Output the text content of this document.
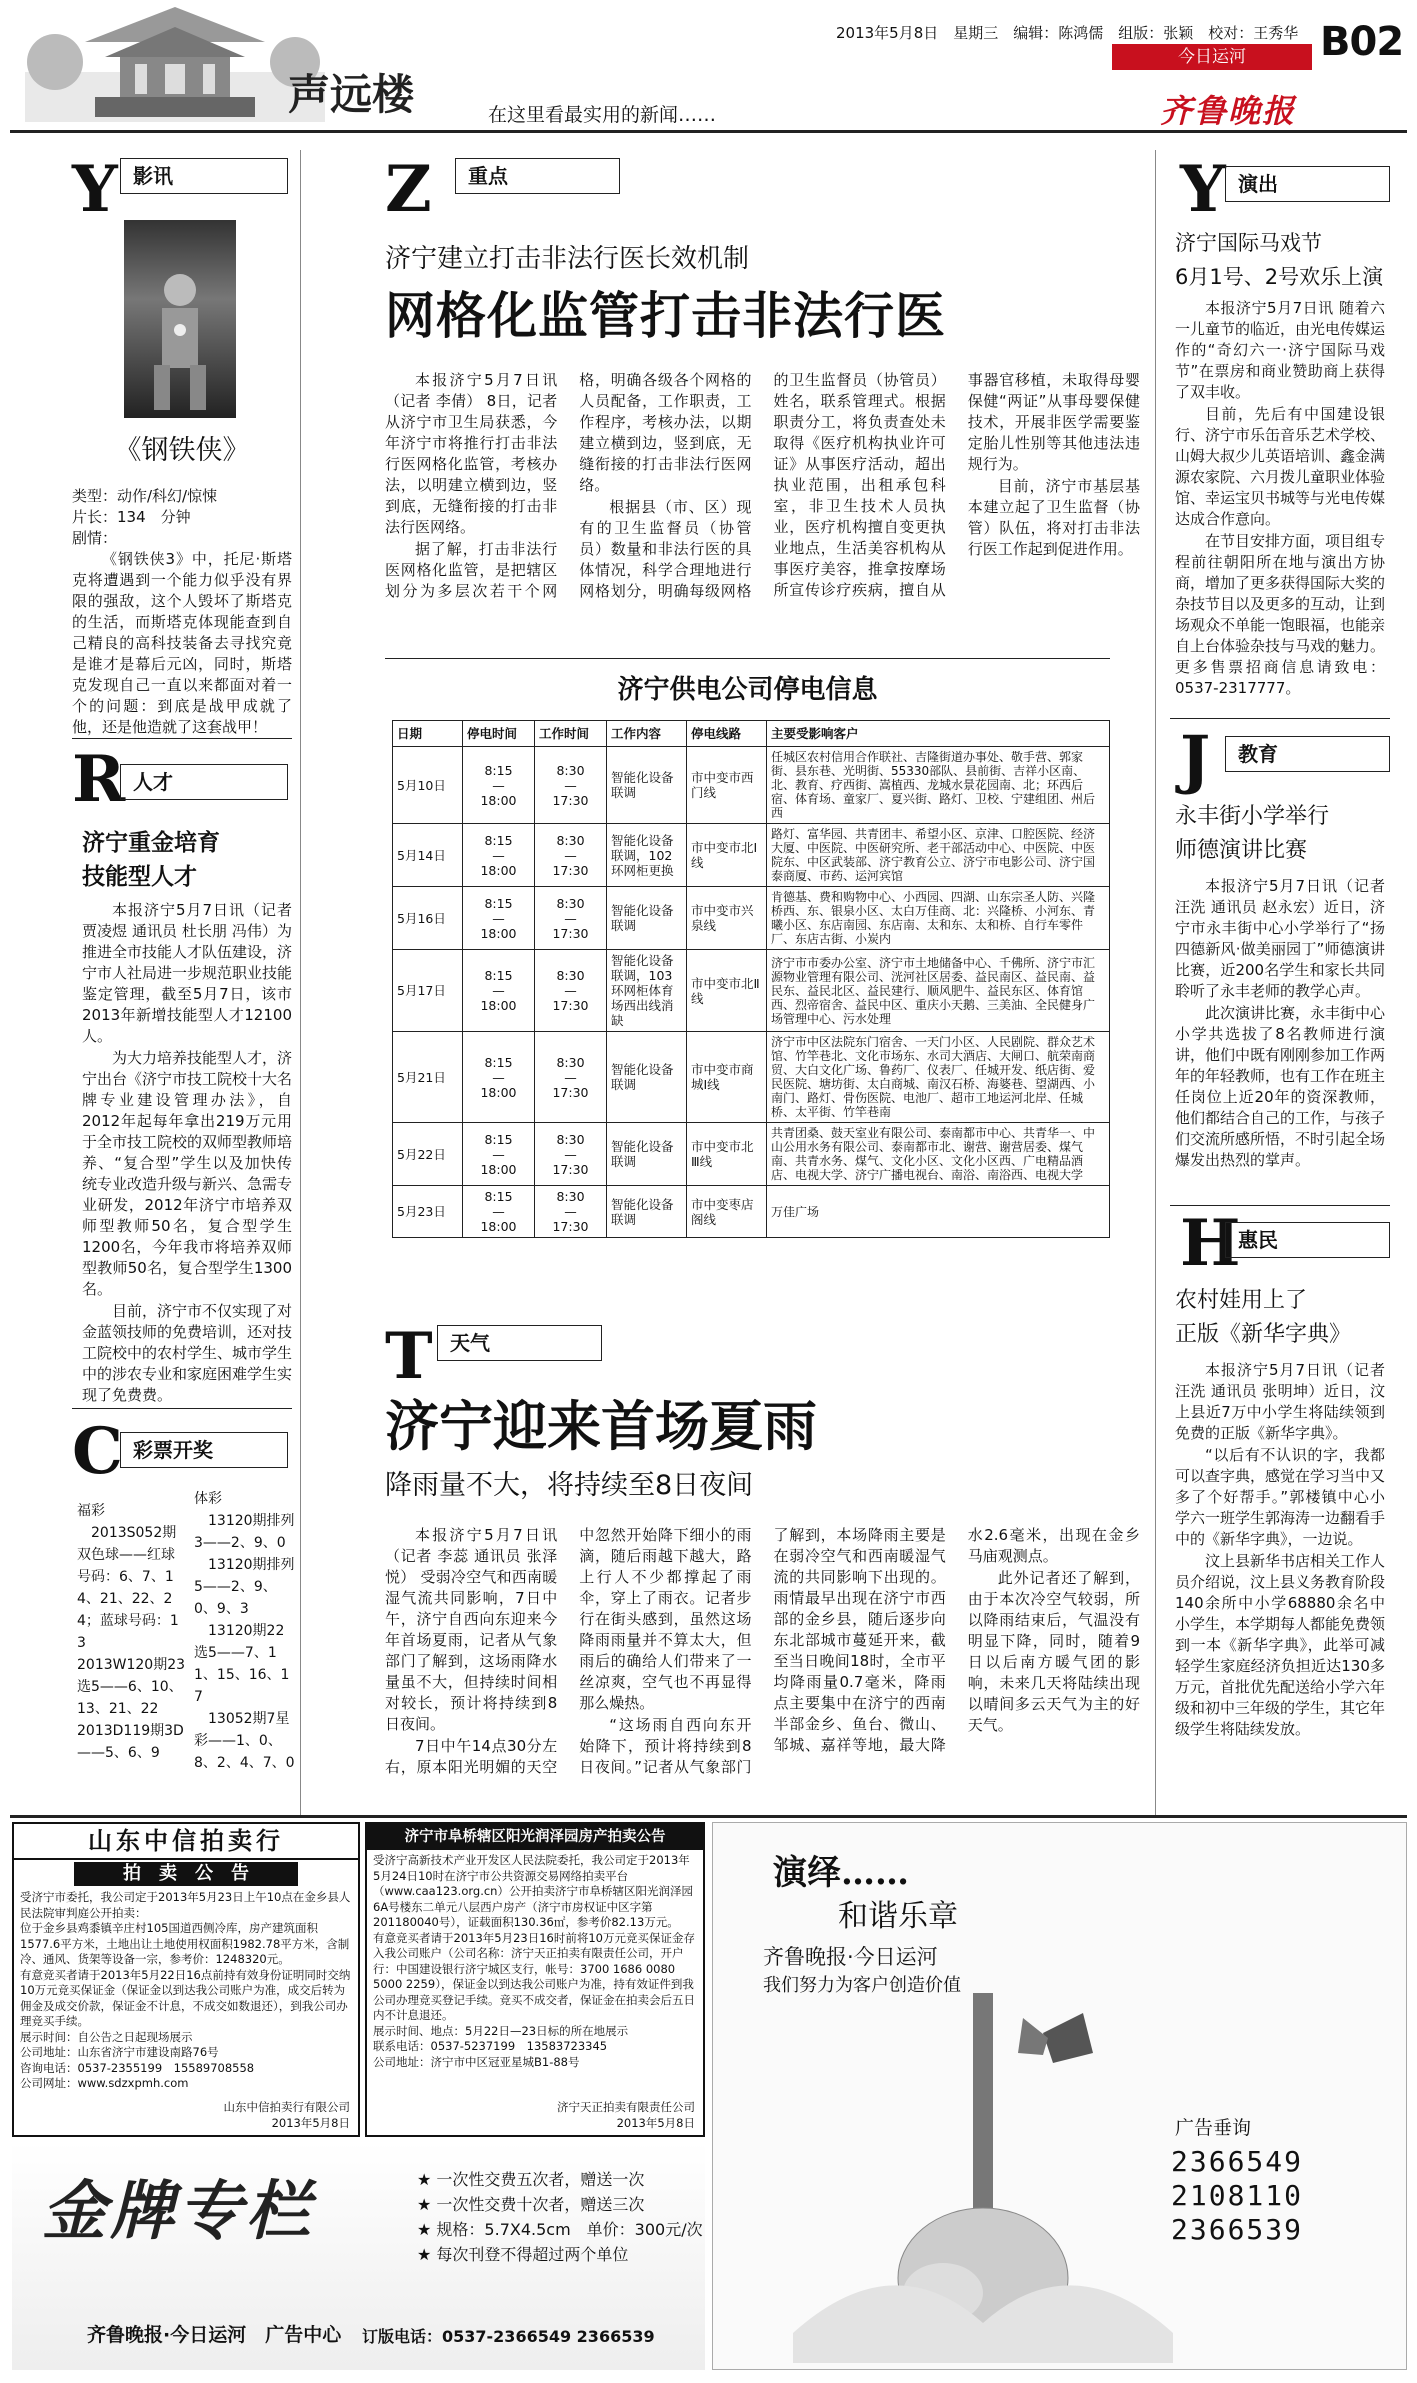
声远楼	在这里看最实用的新闻……
2013年5月8日　星期三　编辑：陈鸿儒　组版：张颖　校对：王秀华 B02
今日运河
齐鲁晚报
Y 影讯
《钢铁侠》
类型：动作/科幻/惊悚
片长：134　分钟
剧情：

《钢铁侠3》中，托尼·斯塔克将遭遇到一个能力似乎没有界限的强敌，这个人毁坏了斯塔克的生活，而斯塔克体现能查到自己精良的高科技装备去寻找究竟是谁才是幕后元凶，同时，斯塔克发现自己一直以来都面对着一个的问题：到底是战甲成就了他，还是他造就了这套战甲！

R 人才
济宁重金培育
技能型人才

本报济宁5月7日讯（记者 贾凌煜 通讯员 杜长朋 冯伟）为推进全市技能人才队伍建设，济宁市人社局进一步规范职业技能鉴定管理，截至5月7日，该市2013年新增技能型人才12100人。

为大力培养技能型人才，济宁出台《济宁市技工院校十大名牌专业建设管理办法》，自2012年起每年拿出219万元用于全市技工院校的双师型教师培养、“复合型”学生以及加快传统专业改造升级与新兴、急需专业研发，2012年济宁市培养双师型教师50名，复合型学生1200名，今年我市将培养双师型教师50名，复合型学生1300名。

目前，济宁市不仅实现了对金蓝领技师的免费培训，还对技工院校中的农村学生、城市学生中的涉农专业和家庭困难学生实现了免费费。

C 彩票开奖
福彩
　2013S052期双色球——红球号码：6、7、14、21、22、24；蓝球号码：13
2013W120期23选5——6、10、13、21、22
2013D119期3D——5、6、9
体彩
　13120期排列3——2、9、0
　13120期排列5——2、9、0、9、3
　13120期22选5——7、11、15、16、17
　13052期7星彩——1、0、8、2、4、7、0
Z	重点
济宁建立打击非法行医长效机制
网格化监管打击非法行医

本报济宁5月7日讯（记者 李倩） 8日，记者从济宁市卫生局获悉，今年济宁市将推行打击非法行医网格化监管，考核办法，以明建立横到边，竖到底，无缝衔接的打击非法行医网络。

据了解，打击非法行医网格化监管，是把辖区划分为多层次若干个网格，明确各级各个网格的人员配备，工作职责，工作程序，考核办法，以期建立横到边，竖到底，无缝衔接的打击非法行医网络。

根据县（市、区）现有的卫生监督员（协管员）数量和非法行医的具体情况，科学合理地进行网格划分，明确每级网格的卫生监督员（协管员）姓名，联系管理式。根据职责分工，将负责查处未取得《医疗机构执业许可证》从事医疗活动，超出执业范围，出租承包科室，非卫生技术人员执业，医疗机构擅自变更执业地点，生活美容机构从事医疗美容，推拿按摩场所宣传诊疗疾病，擅自从事器官移植，未取得母婴保健“两证”从事母婴保健技术，开展非医学需要鉴定胎儿性别等其他违法违规行为。

目前，济宁市基层基本建立起了卫生监督（协管）队伍，将对打击非法行医工作起到促进作用。

济宁供电公司停电信息
日期	停电时间	工作时间	工作内容	停电线路	主要受影响客户
5月10日	8:15
—
18:00	8:30
—
17:30	智能化设备联调	市中变市西门线	任城区农村信用合作联社、吉隆街道办事处、敬手营、郭家街、县东巷、光明街、55330部队、县前街、吉祥小区南、北、教育、疗西街、嵩植西、龙城水景花园南、北；环西后宿、体育场、童家厂、夏兴街、路灯、卫校、宁建组团、州后西
5月14日	8:15
—
18:00	8:30
—
17:30	智能化设备联调，102环网柜更换	市中变市北Ⅰ线	路灯、富华园、共青团丰、希望小区、京津、口腔医院、经济大厦、中医院、中医研究所、老干部活动中心、中医院、中医院东、中区武装部、济宁教育公立、济宁市电影公司、济宁国泰商厦、市药、运河宾馆
5月16日	8:15
—
18:00	8:30
—
17:30	智能化设备联调	市中变市兴泉线	肯德基、费和购物中心、小西园、四湖、山东宗圣人防、兴隆桥西、东、银泉小区、太白万佳商、北：兴隆桥、小河东、青曦小区、东店南园、东店南、太和东、太和桥、自行车零件厂、东店古街、小炭内
5月17日	8:15
—
18:00	8:30
—
17:30	智能化设备联调，103环网柜体育场西出线消缺	市中变市北Ⅱ线	济宁市市委办公室、济宁市土地储备中心、千佛所、济宁市汇源物业管理有限公司、洸河社区居委、益民南区、益民南、益民东、益民北区、益民建行、顺风肥牛、益民东区、体育馆西、烈帝宿舍、益民中区、重庆小天鹅、三美油、全民健身广场管理中心、污水处理
5月21日	8:15
—
18:00	8:30
—
17:30	智能化设备联调	市中变市商城Ⅰ线	济宁市中区法院东门宿舍、一天门小区、人民剧院、群众艺术馆、竹竿巷北、文化市场东、水司大酒店、大闸口、航荣南商贸、大白文化广场、鲁药厂、仪表厂、任城开发、纸店街、爱民医院、塘坊街、太白商城、南汉石桥、海婆巷、望湖西、小南门、路灯、骨伤医院、电池厂、超市工地运河北岸、任城桥、太平街、竹竿巷南
5月22日	8:15
—
18:00	8:30
—
17:30	智能化设备联调	市中变市北Ⅲ线	共青团桑、鼓天室业有限公司、泰南都市中心、共青华一、中山公用水务有限公司、泰南都市北、谢营、谢营居委、煤气南、共青水务、煤气、文化小区、文化小区西、广电精品酒店、电视大学、济宁广播电视台、南浴、南浴西、电视大学
5月23日	8:15
—
18:00	8:30
—
17:30	智能化设备联调	市中变枣店阁线	万佳广场
T 天气
济宁迎来首场夏雨
降雨量不大，将持续至8日夜间

本报济宁5月7日讯（记者 李蕊 通讯员 张泽悦） 受弱冷空气和西南暖湿气流共同影响，7日中午，济宁自西向东迎来今年首场夏雨，记者从气象部门了解到，这场雨降水量虽不大，但持续时间相对较长，预计将持续到8日夜间。

7日中午14点30分左右，原本阳光明媚的天空中忽然开始降下细小的雨滴，随后雨越下越大，路上行人不少都撑起了雨伞，穿上了雨衣。记者步行在街头感到，虽然这场降雨雨量并不算太大，但雨后的确给人们带来了一丝凉爽，空气也不再显得那么燥热。

“这场雨自西向东开始降下，预计将持续到8日夜间。”记者从气象部门了解到，本场降雨主要是在弱冷空气和西南暖湿气流的共同影响下出现的。雨情最早出现在济宁市西部的金乡县，随后逐步向东北部城市蔓延开来，截至当日晚间18时，全市平均降雨量0.7毫米，降雨点主要集中在济宁的西南半部金乡、鱼台、微山、邹城、嘉祥等地，最大降水2.6毫米，出现在金乡马庙观测点。

此外记者还了解到，由于本次冷空气较弱，所以降雨结束后，气温没有明显下降，同时，随着9日以后南方暖气团的影响，未来几天将陆续出现以晴间多云天气为主的好天气。

Y 演出
济宁国际马戏节
6月1号、2号欢乐上演

本报济宁5月7日讯 随着六一儿童节的临近，由光电传媒运作的“奇幻六一·济宁国际马戏节”在票房和商业赞助商上获得了双丰收。

目前，先后有中国建设银行、济宁市乐缶音乐艺术学校、山姆大叔少儿英语培训、鑫金满源农家院、六月拨儿童职业体验馆、幸运宝贝书城等与光电传媒达成合作意向。

在节目安排方面，项目组专程前往朝阳所在地与演出方协商，增加了更多获得国际大奖的杂技节目以及更多的互动，让到场观众不单能一饱眼福，也能亲自上台体验杂技与马戏的魅力。更多售票招商信息请致电：0537-2317777。

J	教育
永丰街小学举行
师德演讲比赛

本报济宁5月7日讯（记者 汪洗 通讯员 赵永宏）近日，济宁市永丰街中心小学举行了“扬四德新风·做美丽园丁”师德演讲比赛，近200名学生和家长共同聆听了永丰老师的教学心声。

此次演讲比赛，永丰街中心小学共选拔了8名教师进行演讲，他们中既有刚刚参加工作两年的年轻教师，也有工作在班主任岗位上近20年的资深教师，他们都结合自己的工作，与孩子们交流所感所悟，不时引起全场爆发出热烈的掌声。

H
惠民
农村娃用上了
正版《新华字典》

本报济宁5月7日讯（记者 汪洗 通讯员 张明坤）近日，汶上县近7万中小学生将陆续领到免费的正版《新华字典》。

“以后有不认识的字，我都可以查字典，感觉在学习当中又多了个好帮手。”郭楼镇中心小学六一班学生郭海涛一边翻看手中的《新华字典》，一边说。

汶上县新华书店相关工作人员介绍说，汶上县义务教育阶段140余所中小学68880余名中小学生，本学期每人都能免费领到一本《新华字典》，此举可减轻学生家庭经济负担近达130多万元，首批优先配送给小学六年级和初中三年级的学生，其它年级学生将陆续发放。

山东中信拍卖行
拍　卖　公　告
受济宁市委托，我公司定于2013年5月23日上午10点在金乡县人民法院审判庭公开拍卖：
位于金乡县鸡黍镇辛庄村105国道西侧冷库，房产建筑面积1577.6平方米，土地出让土地使用权面积1982.78平方米，含制冷、通风、货架等设备一宗，参考价：1248320元。
有意竞买者请于2013年5月22日16点前持有效身份证明同时交纳10万元竞买保证金（保证金以到达我公司账户为准，成交后转为佣金及成交价款，保证金不计息，不成交如数退还），到我公司办理竞买手续。
展示时间：自公告之日起现场展示
公司地址：山东省济宁市建设南路76号
咨询电话：0537-2355199　15589708558
公司网址：www.sdzxpmh.com
山东中信拍卖行有限公司
2013年5月8日
济宁市阜桥辖区阳光润泽园房产拍卖公告
受济宁高新技术产业开发区人民法院委托，我公司定于2013年5月24日10时在济宁市公共资源交易网络拍卖平台（www.caa123.org.cn）公开拍卖济宁市阜桥辖区阳光润泽园6A号楼东二单元八层西户房产（济宁市房权证中区字第201180040号），证载面积130.36㎡，参考价82.13万元。
有意竞买者请于2013年5月23日16时前将10万元竞买保证金存入我公司账户（公司名称：济宁天正拍卖有限责任公司，开户行：中国建设银行济宁城区支行，帐号：3700 1686 0080 5000 2259），保证金以到达我公司账户为准，持有效证件到我公司办理竞买登记手续。竞买不成交者，保证金在拍卖会后五日内不计息退还。
展示时间、地点：5月22日—23日标的所在地展示
联系电话：0537-5237199　13583723345
公司地址：济宁市中区冠亚星城B1-88号
济宁天正拍卖有限责任公司
2013年5月8日
演绎……
和谐乐章
齐鲁晚报·今日运河
我们努力为客户创造价值
广告垂询
2366549
2108110
2366539
金牌专栏	★ 一次性交费五次者，赠送一次
★ 一次性交费十次者，赠送三次
★ 规格：5.7X4.5cm　单价：300元/次
★ 每次刊登不得超过两个单位
齐鲁晚报·今日运河　广告中心 订版电话：0537-2366549 2366539
